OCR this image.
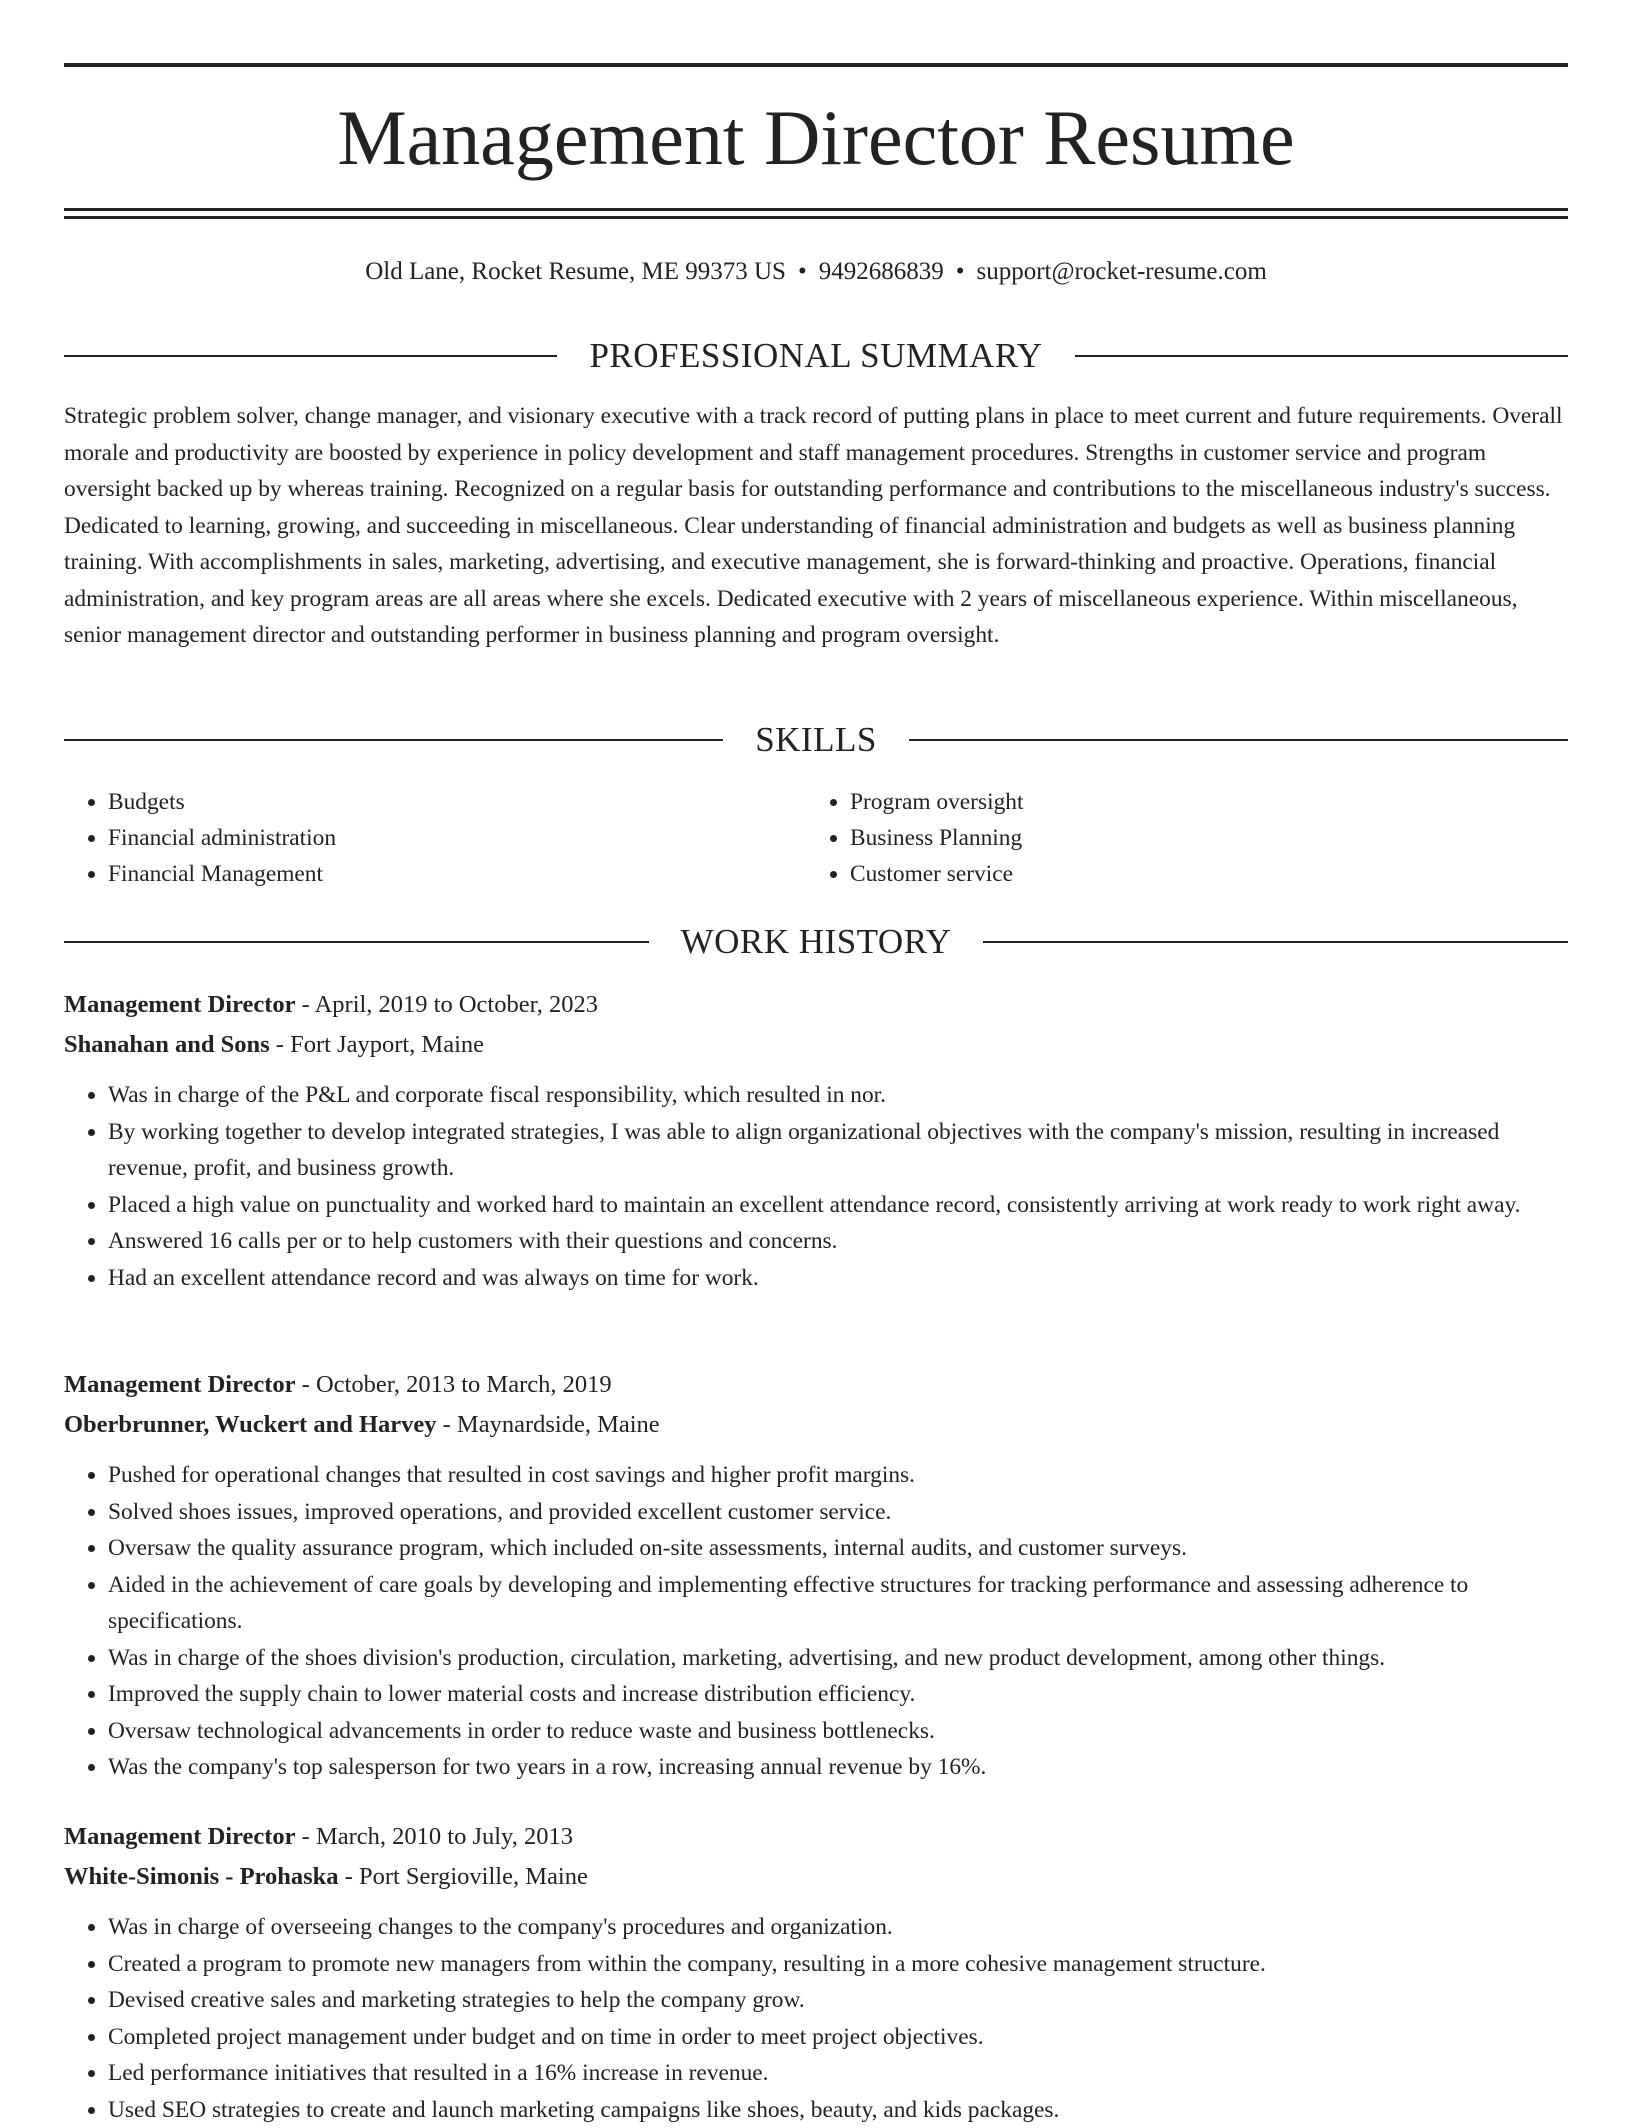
Management Director Resume
Old Lane, Rocket Resume, ME 99373 US • 9492686839 • support@rocket-resume.com
PROFESSIONAL SUMMARY

Strategic problem solver, change manager, and visionary executive with a track record of putting plans in place to meet current and future requirements. Overall morale and productivity are boosted by experience in policy development and staff management procedures. Strengths in customer service and program oversight backed up by whereas training. Recognized on a regular basis for outstanding performance and contributions to the miscellaneous industry's success. Dedicated to learning, growing, and succeeding in miscellaneous. Clear understanding of financial administration and budgets as well as business planning training. With accomplishments in sales, marketing, advertising, and executive management, she is forward-thinking and proactive. Operations, financial administration, and key program areas are all areas where she excels. Dedicated executive with 2 years of miscellaneous experience. Within miscellaneous, senior management director and outstanding performer in business planning and program oversight.

SKILLS
• Budgets
• Financial administration
• Financial Management
• Program oversight
• Business Planning
• Customer service
WORK HISTORY
Management Director - April, 2019 to October, 2023
Shanahan and Sons - Fort Jayport, Maine
• Was in charge of the P&L and corporate fiscal responsibility, which resulted in nor.
• By working together to develop integrated strategies, I was able to align organizational objectives with the company's mission, resulting in increased revenue, profit, and business growth.
• Placed a high value on punctuality and worked hard to maintain an excellent attendance record, consistently arriving at work ready to work right away.
• Answered 16 calls per or to help customers with their questions and concerns.
• Had an excellent attendance record and was always on time for work.
Management Director - October, 2013 to March, 2019
Oberbrunner, Wuckert and Harvey - Maynardside, Maine
• Pushed for operational changes that resulted in cost savings and higher profit margins.
• Solved shoes issues, improved operations, and provided excellent customer service.
• Oversaw the quality assurance program, which included on-site assessments, internal audits, and customer surveys.
• Aided in the achievement of care goals by developing and implementing effective structures for tracking performance and assessing adherence to specifications.
• Was in charge of the shoes division's production, circulation, marketing, advertising, and new product development, among other things.
• Improved the supply chain to lower material costs and increase distribution efficiency.
• Oversaw technological advancements in order to reduce waste and business bottlenecks.
• Was the company's top salesperson for two years in a row, increasing annual revenue by 16%.
Management Director - March, 2010 to July, 2013
White-Simonis - Prohaska - Port Sergioville, Maine
• Was in charge of overseeing changes to the company's procedures and organization.
• Created a program to promote new managers from within the company, resulting in a more cohesive management structure.
• Devised creative sales and marketing strategies to help the company grow.
• Completed project management under budget and on time in order to meet project objectives.
• Led performance initiatives that resulted in a 16% increase in revenue.
• Used SEO strategies to create and launch marketing campaigns like shoes, beauty, and kids packages.
